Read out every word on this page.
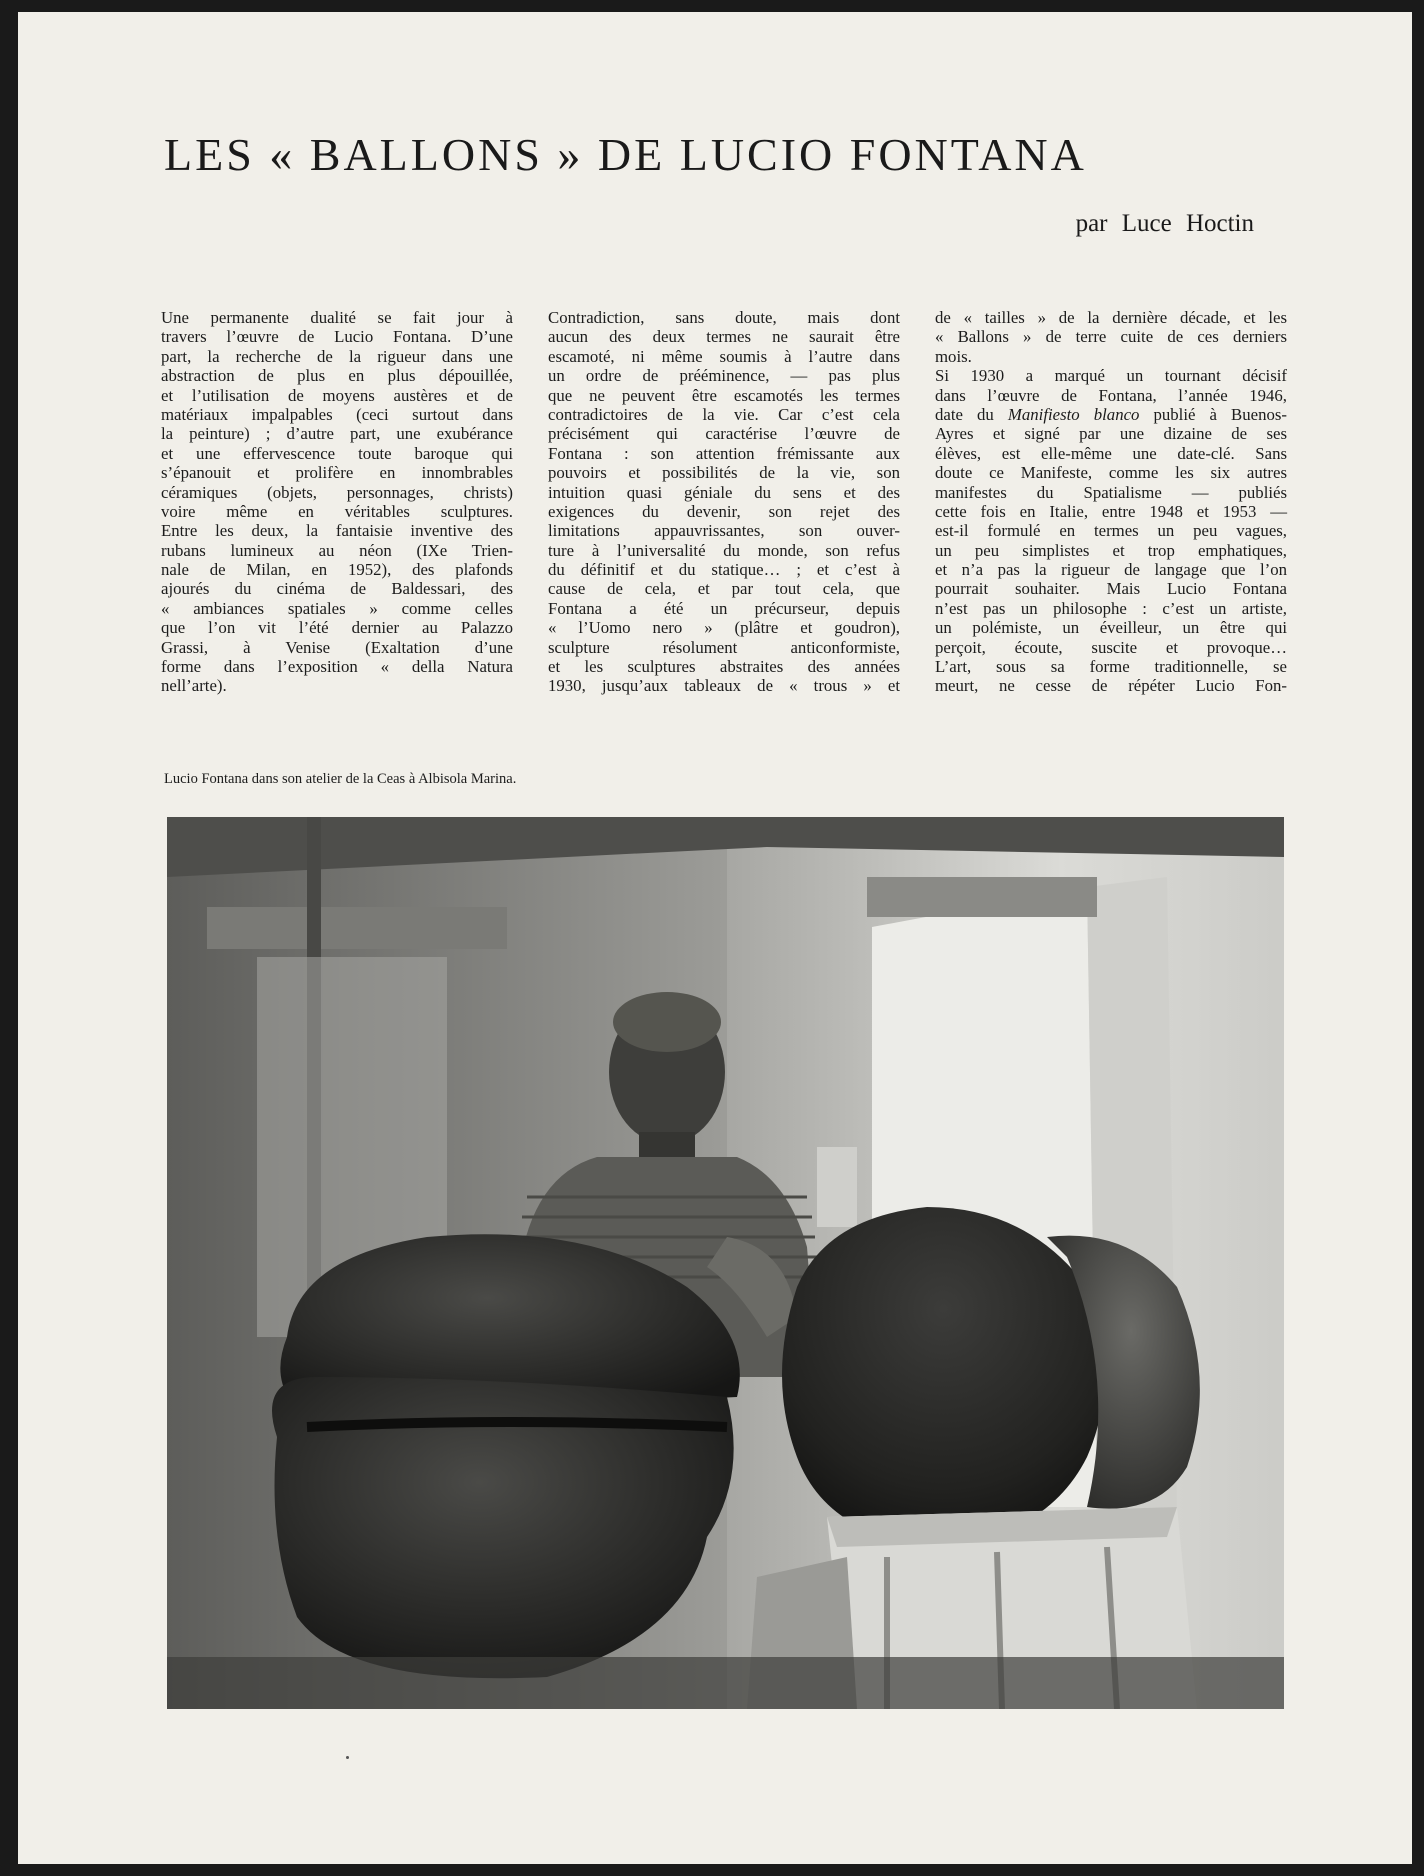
LES « BALLONS » DE LUCIO FONTANA

par Luce Hoctin

Une permanente dualité se fait jour à
travers l’œuvre de Lucio Fontana. D’une
part, la recherche de la rigueur dans une
abstraction de plus en plus dépouillée,
et l’utilisation de moyens austères et de
matériaux impalpables (ceci surtout dans
la peinture) ; d’autre part, une exubérance
et une effervescence toute baroque qui
s’épanouit et prolifère en innombrables
céramiques (objets, personnages, christs)
voire même en véritables sculptures.
Entre les deux, la fantaisie inventive des
rubans lumineux au néon (IXe Trien-
nale de Milan, en 1952), des plafonds
ajourés du cinéma de Baldessari, des
« ambiances spatiales » comme celles
que l’on vit l’été dernier au Palazzo
Grassi, à Venise (Exaltation d’une
forme dans l’exposition « della Natura
nell’arte).

Contradiction, sans doute, mais dont
aucun des deux termes ne saurait être
escamoté, ni même soumis à l’autre dans
un ordre de prééminence, — pas plus
que ne peuvent être escamotés les termes
contradictoires de la vie. Car c’est cela
précisément qui caractérise l’œuvre de
Fontana : son attention frémissante aux
pouvoirs et possibilités de la vie, son
intuition quasi géniale du sens et des
exigences du devenir, son rejet des
limitations appauvrissantes, son ouver-
ture à l’universalité du monde, son refus
du définitif et du statique… ; et c’est à
cause de cela, et par tout cela, que
Fontana a été un précurseur, depuis
« l’Uomo nero » (plâtre et goudron),
sculpture résolument anticonformiste,
et les sculptures abstraites des années
1930, jusqu’aux tableaux de « trous » et

de « tailles » de la dernière décade, et les
« Ballons » de terre cuite de ces derniers
mois.
Si 1930 a marqué un tournant décisif
dans l’œuvre de Fontana, l’année 1946,
date du Manifiesto blanco publié à Buenos-
Ayres et signé par une dizaine de ses
élèves, est elle-même une date-clé. Sans
doute ce Manifeste, comme les six autres
manifestes du Spatialisme — publiés
cette fois en Italie, entre 1948 et 1953 —
est-il formulé en termes un peu vagues,
un peu simplistes et trop emphatiques,
et n’a pas la rigueur de langage que l’on
pourrait souhaiter. Mais Lucio Fontana
n’est pas un philosophe : c’est un artiste,
un polémiste, un éveilleur, un être qui
perçoit, écoute, suscite et provoque…
L’art, sous sa forme traditionnelle, se
meurt, ne cesse de répéter Lucio Fon-

Lucio Fontana dans son atelier de la Ceas à Albisola Marina.
